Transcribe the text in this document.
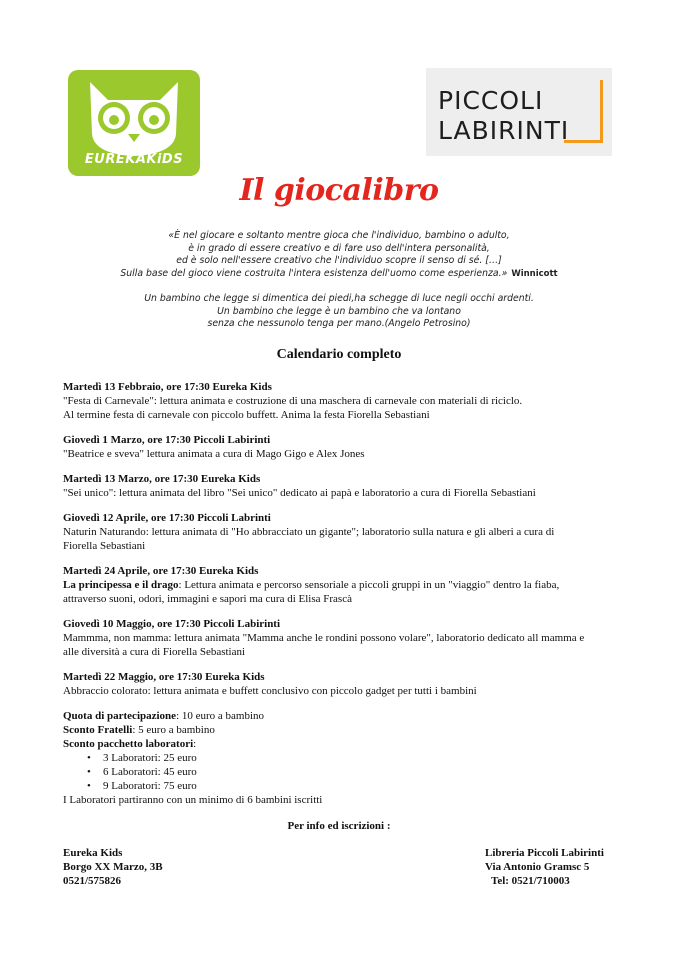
EUREKAKiDS
PICCOLI
LABIRINTI
Il giocalibro
«È nel giocare e soltanto mentre gioca che l'individuo, bambino o adulto,
è in grado di essere creativo e di fare uso dell'intera personalità,
ed è solo nell'essere creativo che l'individuo scopre il senso di sé. […]
Sulla base del gioco viene costruita l'intera esistenza dell'uomo come esperienza.» Winnicott
Un bambino che legge si dimentica dei piedi,ha schegge di luce negli occhi ardenti.
Un bambino che legge è un bambino che va lontano
senza che nessunolo tenga per mano.(Angelo Petrosino)
Calendario completo
Martedì 13 Febbraio, ore 17:30 Eureka Kids
"Festa di Carnevale": lettura animata e costruzione di una maschera di carnevale con materiali di riciclo.
Al termine festa di carnevale con piccolo buffett. Anima la festa Fiorella Sebastiani
Giovedì 1 Marzo, ore 17:30 Piccoli Labirinti
"Beatrice e sveva" lettura animata a cura di Mago Gigo e Alex Jones
Martedì 13 Marzo, ore 17:30 Eureka Kids
"Sei unico": lettura animata del libro "Sei unico" dedicato ai papà e laboratorio a cura di Fiorella Sebastiani
Giovedì 12 Aprile, ore 17:30 Piccoli Labrinti
Naturin Naturando: lettura animata di "Ho abbracciato un gigante"; laboratorio sulla natura e gli alberi a cura di
Fiorella Sebastiani
Martedì 24 Aprile, ore 17:30 Eureka Kids
La principessa e il drago: Lettura animata e percorso sensoriale a piccoli gruppi in un "viaggio" dentro la fiaba,
attraverso suoni, odori, immagini e sapori ma cura di Elisa Frascà
Giovedì 10 Maggio, ore 17:30 Piccoli Labirinti
Mammma, non mamma: lettura animata "Mamma anche le rondini possono volare", laboratorio dedicato all mamma e
alle diversità a cura di Fiorella Sebastiani
Martedì 22 Maggio, ore 17:30 Eureka Kids
Abbraccio colorato: lettura animata e buffett conclusivo con piccolo gadget per tutti i bambini
Quota di partecipazione: 10 euro a bambino
Sconto Fratelli: 5 euro a bambino
Sconto pacchetto laboratori:
• 3 Laboratori: 25 euro
• 6 Laboratori: 45 euro
• 9 Laboratori: 75 euro
I Laboratori partiranno con un minimo di 6 bambini iscritti
Per info ed iscrizioni :
Eureka Kids
Borgo XX Marzo, 3B
0521/575826
Libreria Piccoli Labirinti
Via Antonio Gramsc 5
Tel: 0521/710003
